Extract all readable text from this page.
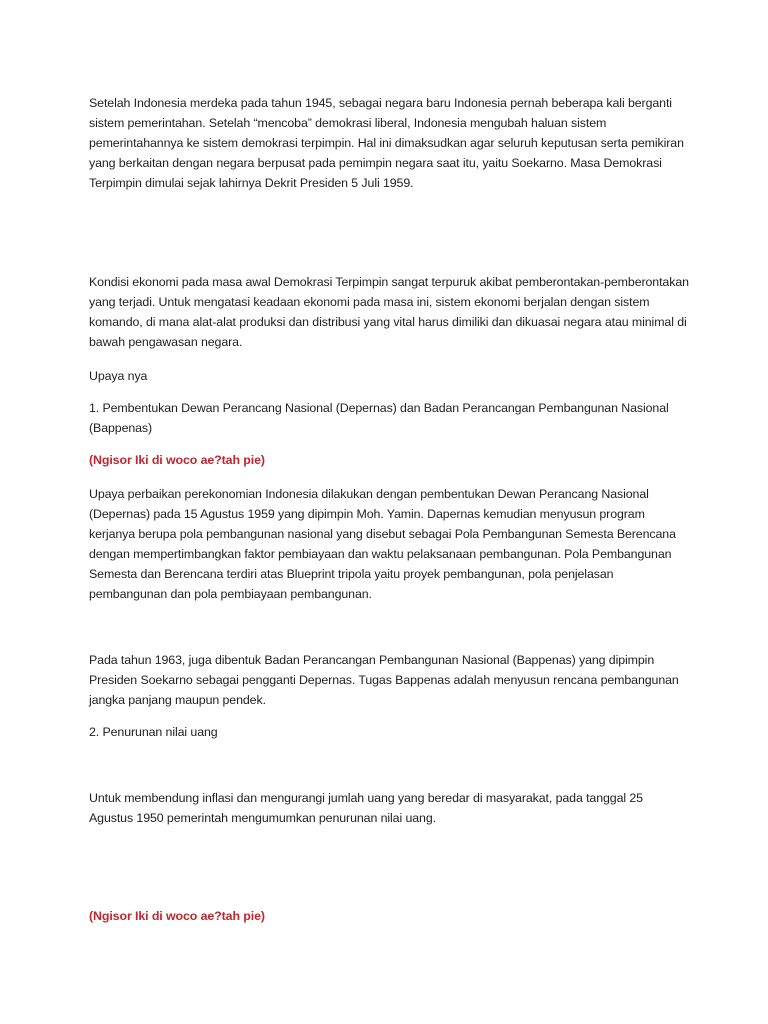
Setelah Indonesia merdeka pada tahun 1945, sebagai negara baru Indonesia pernah beberapa kali berganti sistem pemerintahan. Setelah “mencoba” demokrasi liberal, Indonesia mengubah haluan sistem pemerintahannya ke sistem demokrasi terpimpin. Hal ini dimaksudkan agar seluruh keputusan serta pemikiran yang berkaitan dengan negara berpusat pada pemimpin negara saat itu, yaitu Soekarno. Masa Demokrasi Terpimpin dimulai sejak lahirnya Dekrit Presiden 5 Juli 1959.

Kondisi ekonomi pada masa awal Demokrasi Terpimpin sangat terpuruk akibat pemberontakan-pemberontakan yang terjadi. Untuk mengatasi keadaan ekonomi pada masa ini, sistem ekonomi berjalan dengan sistem komando, di mana alat-alat produksi dan distribusi yang vital harus dimiliki dan dikuasai negara atau minimal di bawah pengawasan negara.

Upaya nya

1. Pembentukan Dewan Perancang Nasional (Depernas) dan Badan Perancangan Pembangunan Nasional (Bappenas)

(Ngisor Iki di woco ae?tah pie)

Upaya perbaikan perekonomian Indonesia dilakukan dengan pembentukan Dewan Perancang Nasional (Depernas) pada 15 Agustus 1959 yang dipimpin Moh. Yamin. Dapernas kemudian menyusun program kerjanya berupa pola pembangunan nasional yang disebut sebagai Pola Pembangunan Semesta Berencana dengan mempertimbangkan faktor pembiayaan dan waktu pelaksanaan pembangunan. Pola Pembangunan Semesta dan Berencana terdiri atas Blueprint tripola yaitu proyek pembangunan, pola penjelasan pembangunan dan pola pembiayaan pembangunan.

Pada tahun 1963, juga dibentuk Badan Perancangan Pembangunan Nasional (Bappenas) yang dipimpin Presiden Soekarno sebagai pengganti Depernas. Tugas Bappenas adalah menyusun rencana pembangunan jangka panjang maupun pendek.

2. Penurunan nilai uang

Untuk membendung inflasi dan mengurangi jumlah uang yang beredar di masyarakat, pada tanggal 25 Agustus 1950 pemerintah mengumumkan penurunan nilai uang.

(Ngisor Iki di woco ae?tah pie)
